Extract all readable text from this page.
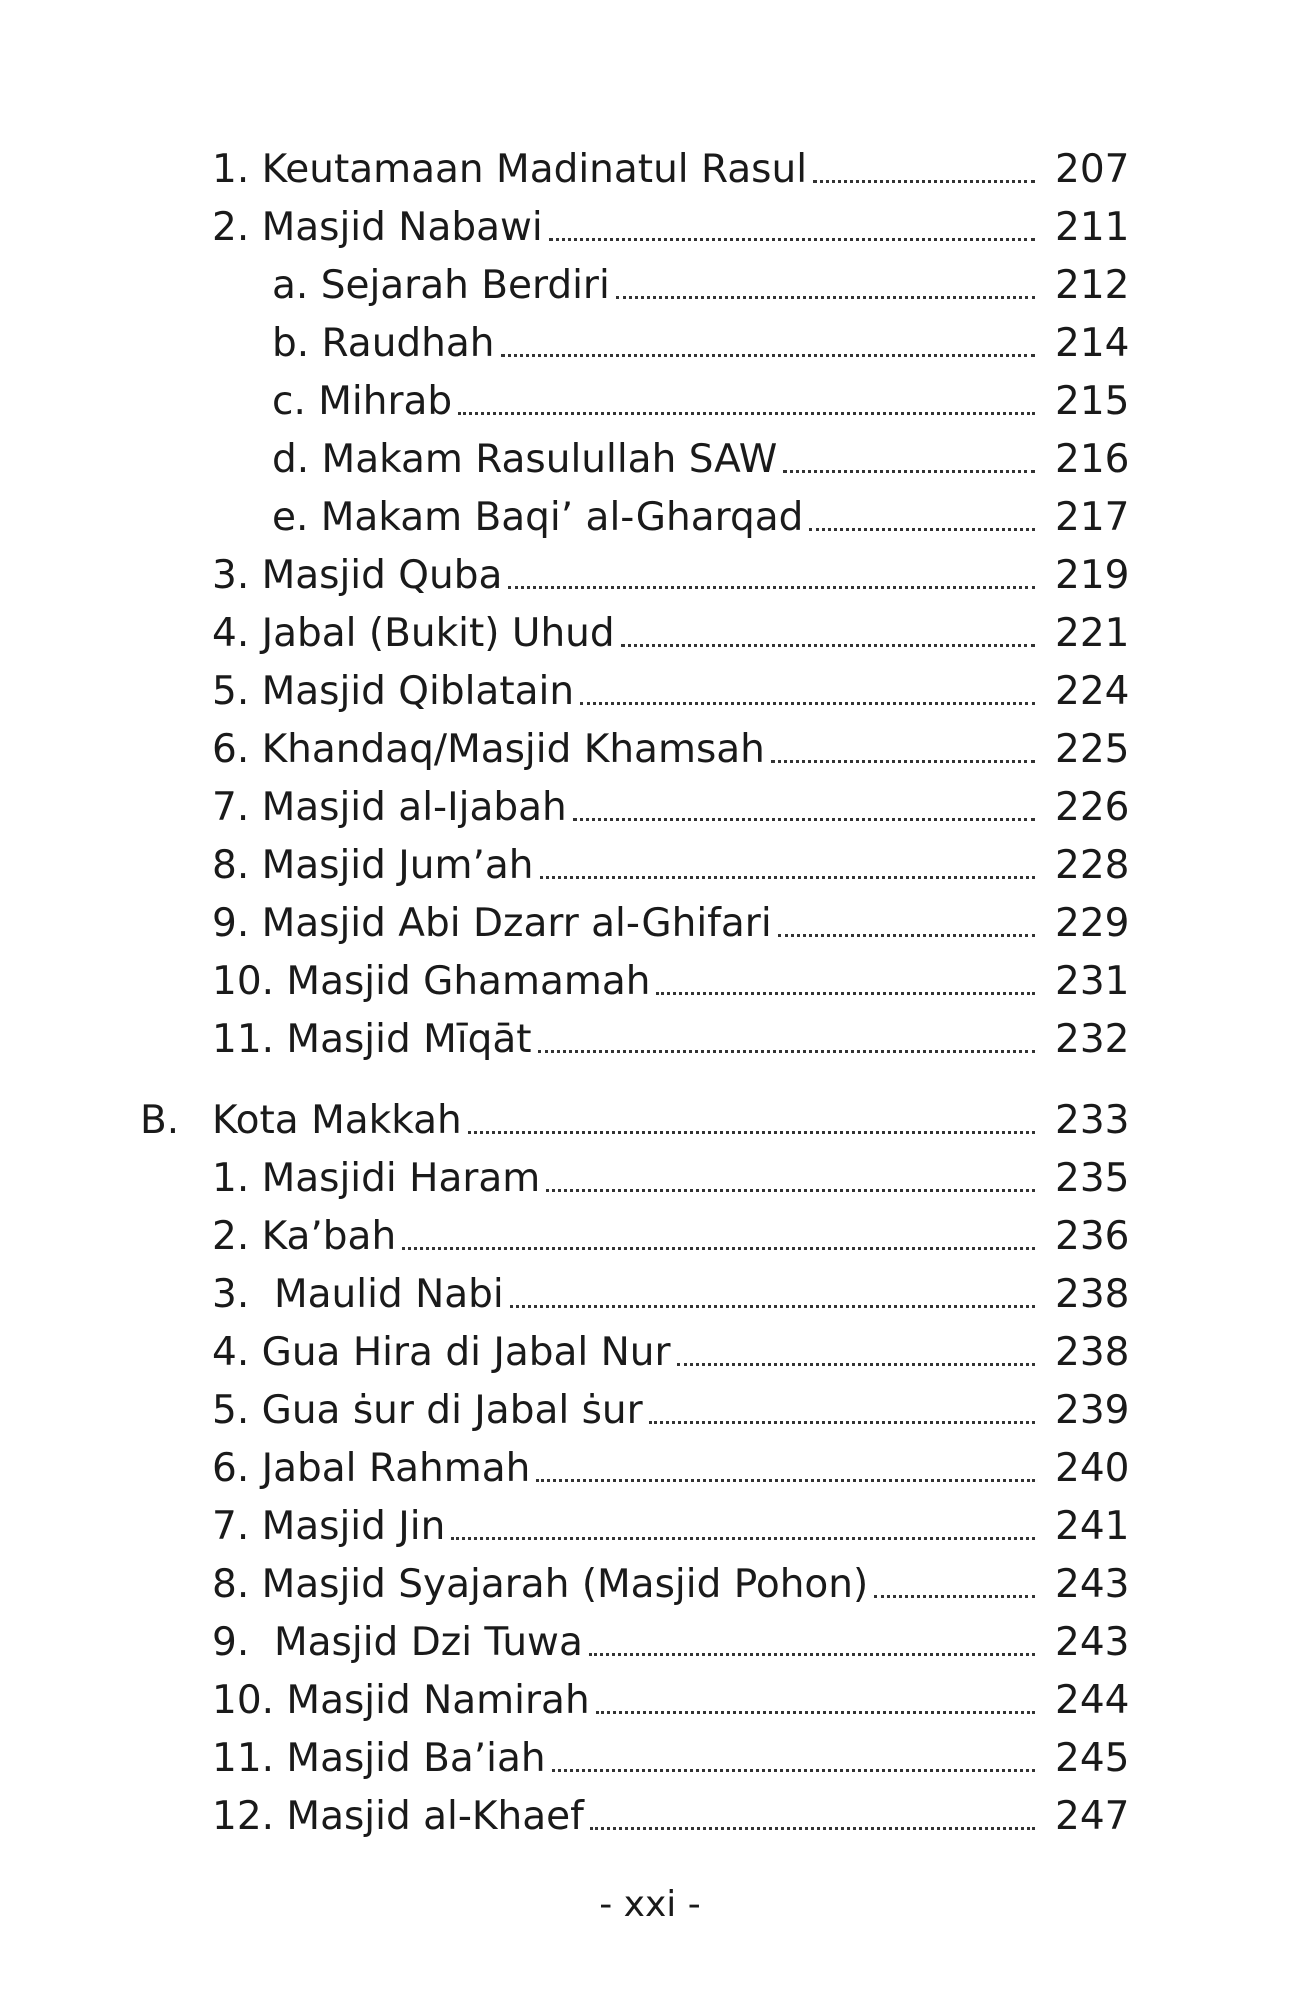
1. Keutamaan Madinatul Rasul	207
2. Masjid Nabawi	211
a. Sejarah Berdiri	212
b. Raudhah	214
c. Mihrab	215
d. Makam Rasulullah SAW	216
e. Makam Baqi’ al-Gharqad	217
3. Masjid Quba	219
4. Jabal (Bukit) Uhud	221
5. Masjid Qiblatain	224
6. Khandaq/Masjid Khamsah	225
7. Masjid al-Ijabah	226
8. Masjid Jum’ah	228
9. Masjid Abi Dzarr al-Ghifari	229
10. Masjid Ghamamah	231
11. Masjid Mīqāt	232
B. Kota Makkah	233
1. Masjidi Haram	235
2. Ka’bah	236
3.  Maulid Nabi	238
4. Gua Hira di Jabal Nur	238
5. Gua ṡur di Jabal ṡur	239
6. Jabal Rahmah	240
7. Masjid Jin	241
8. Masjid Syajarah (Masjid Pohon)	243
9.  Masjid Dzi Tuwa	243
10. Masjid Namirah	244
11. Masjid Ba’iah	245
12. Masjid al-Khaef	247
- xxi -
